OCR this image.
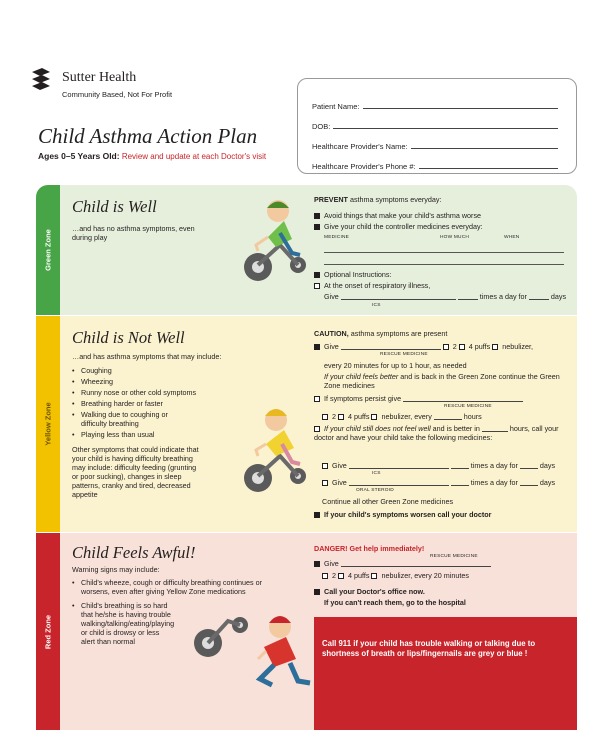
Sutter Health
Community Based, Not For Profit
Child Asthma Action Plan
Ages 0–5 Years Old: Review and update at each Doctor's visit
Patient Name:
DOB:
Healthcare Provider's Name:
Healthcare Provider's Phone #:
Green Zone
Child is Well
…and has no asthma symptoms, even during play
PREVENT asthma symptoms everyday:
Avoid things that make your child's asthma worse
Give your child the controller medicines everyday:
MEDICINE	HOW MUCH	WHEN
Optional Instructions:
At the onset of respiratory illness,
Give	times a day for	days
ICS
Yellow Zone
Child is Not Well
…and has asthma symptoms that may include:
• Coughing
• Wheezing
• Runny nose or other cold symptoms
• Breathing harder or faster
• Walking due to coughing or difficulty breathing
• Playing less than usual
Other symptoms that could indicate that your child is having difficulty breathing may include: difficulty feeding (grunting or poor sucking), changes in sleep patterns, cranky and tired, decreased appetite
CAUTION, asthma symptoms are present
Give	2 4 puffs nebulizer,
RESCUE MEDICINE
every 20 minutes for up to 1 hour, as needed
If your child feels better and is back in the Green Zone continue the Green Zone medicines
If symptoms persist give
RESCUE MEDICINE
2 4 puffs nebulizer, every	hours
If your child still does not feel well and is better in	hours, call your doctor and have your child take the following medicines:
Give	times a day for	days
ICS
Give	times a day for	days
ORAL STEROID
Continue all other Green Zone medicines
If your child's symptoms worsen call your doctor
Red Zone
Child Feels Awful!
Warning signs may include:
• Child's wheeze, cough or difficulty breathing continues or worsens, even after giving Yellow Zone medications
• Child's breathing is so hard that he/she is having trouble walking/talking/eating/playing or child is drowsy or less alert than normal
DANGER! Get help immediately!
RESCUE MEDICINE
Give
2 4 puffs nebulizer, every 20 minutes
Call your Doctor's office now.
If you can't reach them, go to the hospital
Call 911 if your child has trouble walking or talking due to shortness of breath or lips/fingernails are grey or blue !
